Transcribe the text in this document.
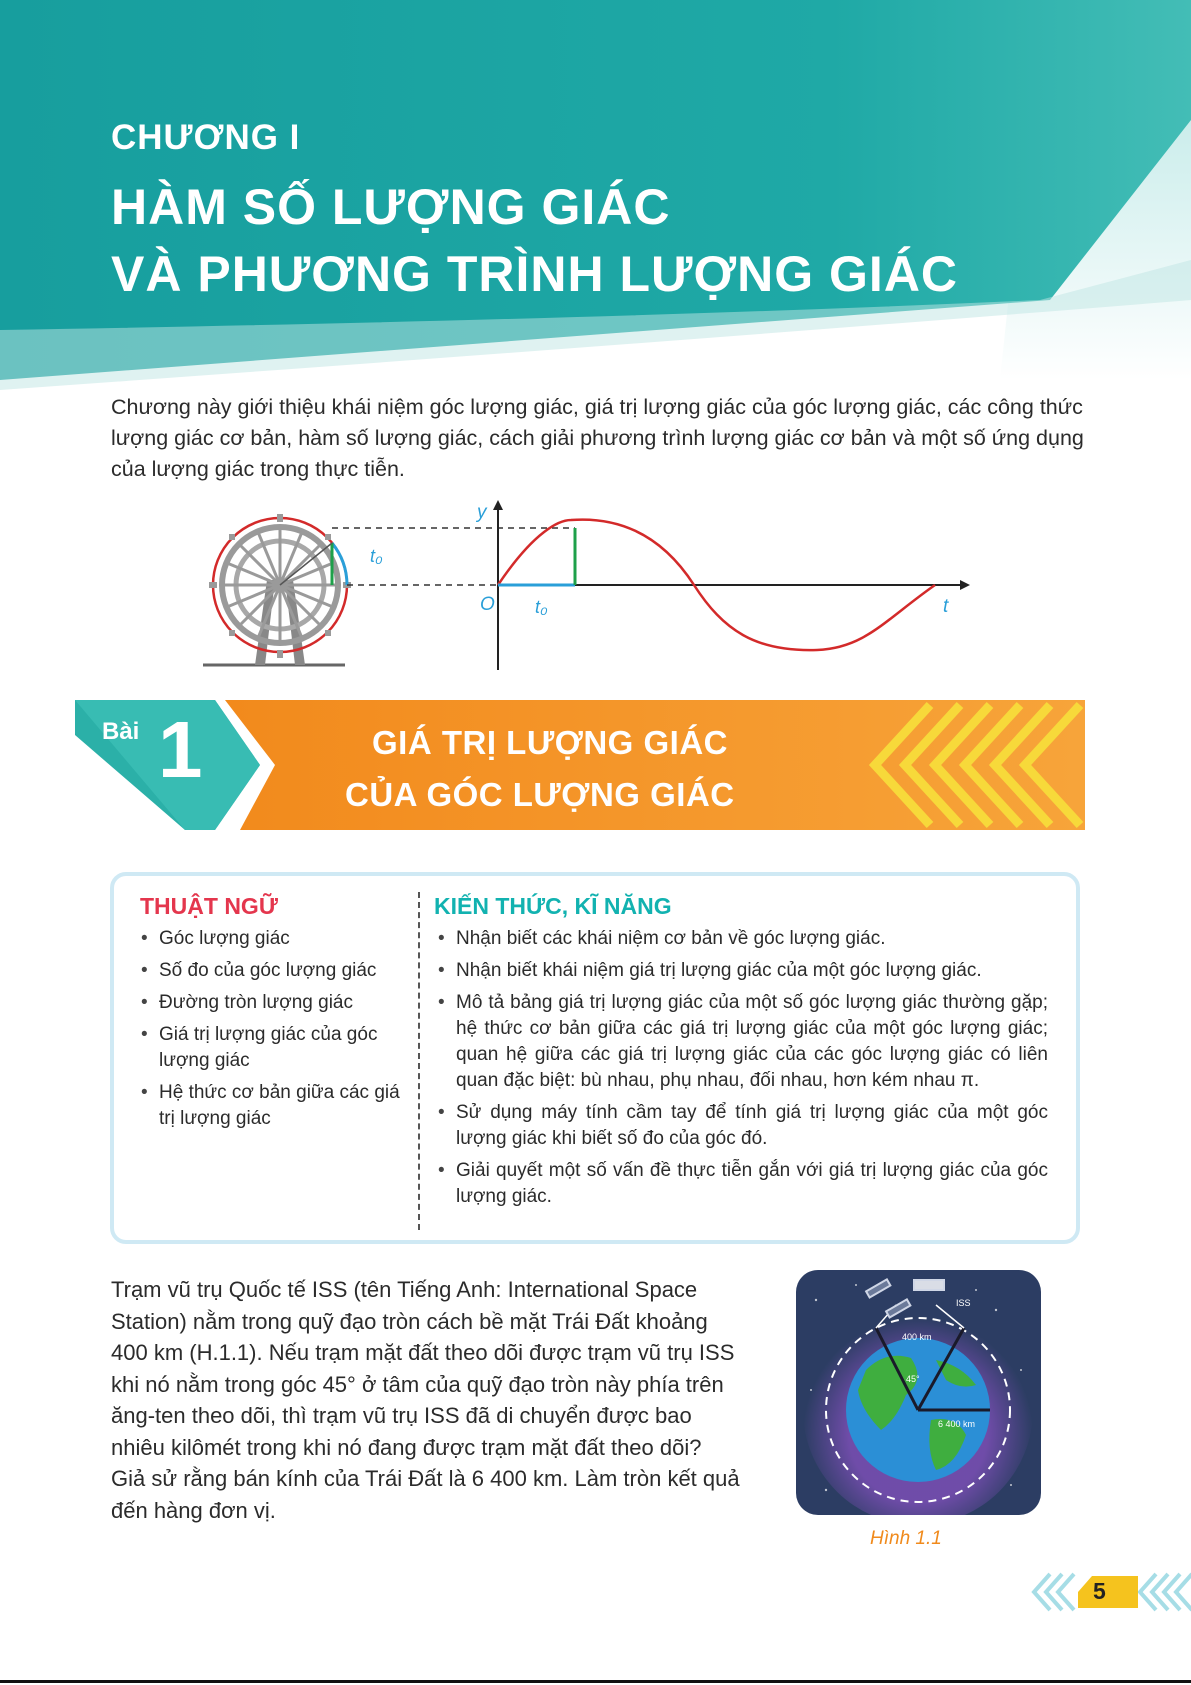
CHƯƠNG I
HÀM SỐ LƯỢNG GIÁC
VÀ PHƯƠNG TRÌNH LƯỢNG GIÁC
Chương này giới thiệu khái niệm góc lượng giác, giá trị lượng giác của góc lượng giác, các công thức lượng giác cơ bản, hàm số lượng giác, cách giải phương trình lượng giác cơ bản và một số ứng dụng của lượng giác trong thực tiễn.
y
O t₀	t
t₀
Bài 1	GIÁ TRỊ LƯỢNG GIÁC
CỦA GÓC LƯỢNG GIÁC
THUẬT NGỮ	KIẾN THỨC, KĨ NĂNG
• Góc lượng giác
• Số đo của góc lượng giác
• Đường tròn lượng giác
• Giá trị lượng giác của góc lượng giác
• Hệ thức cơ bản giữa các giá trị lượng giác
• Nhận biết các khái niệm cơ bản về góc lượng giác.
• Nhận biết khái niệm giá trị lượng giác của một góc lượng giác.
• Mô tả bảng giá trị lượng giác của một số góc lượng giác thường gặp; hệ thức cơ bản giữa các giá trị lượng giác của một góc lượng giác; quan hệ giữa các giá trị lượng giác của các góc lượng giác có liên quan đặc biệt: bù nhau, phụ nhau, đối nhau, hơn kém nhau π.
• Sử dụng máy tính cầm tay để tính giá trị lượng giác của một góc lượng giác khi biết số đo của góc đó.
• Giải quyết một số vấn đề thực tiễn gắn với giá trị lượng giác của góc lượng giác.
Trạm vũ trụ Quốc tế ISS (tên Tiếng Anh: International Space Station) nằm trong quỹ đạo tròn cách bề mặt Trái Đất khoảng 400 km (H.1.1). Nếu trạm mặt đất theo dõi được trạm vũ trụ ISS khi nó nằm trong góc 45° ở tâm của quỹ đạo tròn này phía trên ăng-ten theo dõi, thì trạm vũ trụ ISS đã di chuyển được bao nhiêu kilômét trong khi nó đang được trạm mặt đất theo dõi? Giả sử rằng bán kính của Trái Đất là 6 400 km. Làm tròn kết quả đến hàng đơn vị.
ISS
400 km
45°
6 400 km
Hình 1.1
5
